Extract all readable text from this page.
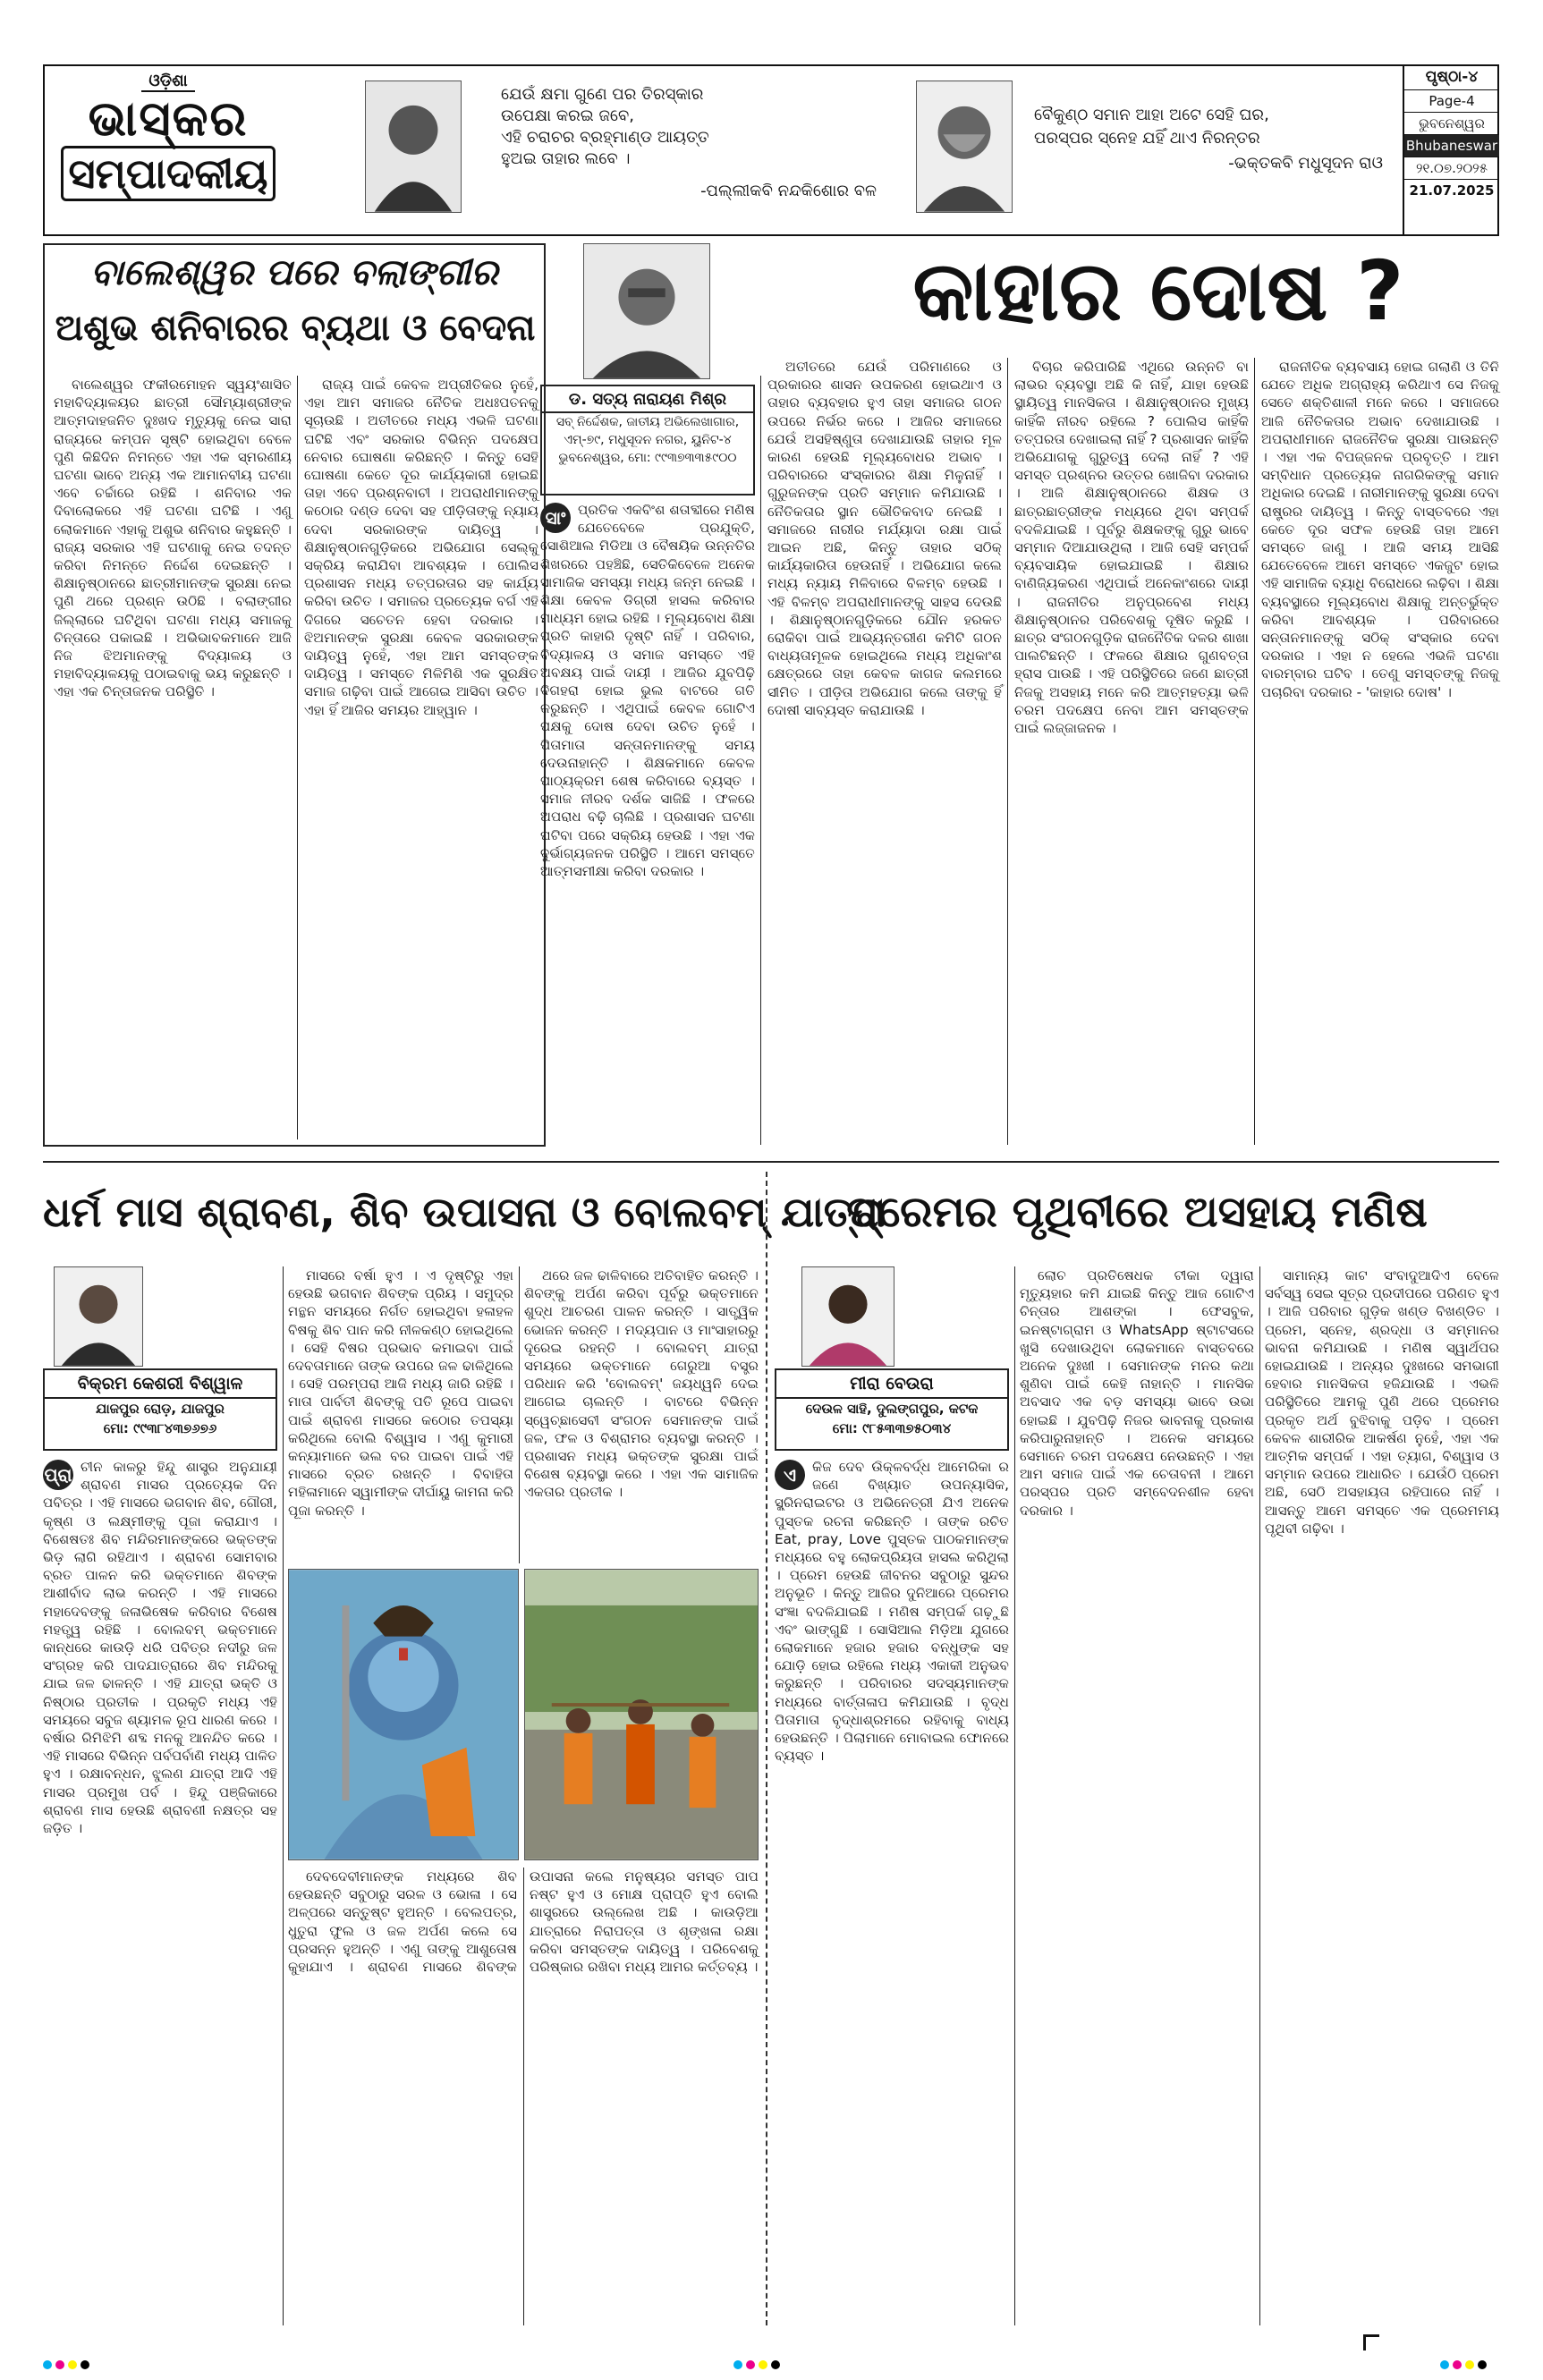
ଓଡ଼ିଶା
ଭାସ୍କର
ସମ୍ପାଦକୀୟ
ଯେଉଁ କ୍ଷମା ଗୁଣେ ପର ତିରସ୍କାର
ଉପେକ୍ଷା କରଇ ଜବେ,
ଏହି ଚରାଚର ବ୍ରହ୍ମାଣ୍ଡ ଆୟତ୍ତ
ହୁଅଇ ତାହାର ଲବେ ।
-ପଲ୍ଲୀକବି ନନ୍ଦକିଶୋର ବଳ
ବୈକୁଣ୍ଠ ସମାନ ଆହା ଅଟେ ସେହି ଘର,
ପରସ୍ପର ସ୍ନେହ ଯହିଁ ଥାଏ ନିରନ୍ତର
-ଭକ୍ତକବି ମଧୁସୂଦନ ରାଓ
ପୃଷ୍ଠା-୪
Page-4
ଭୁବନେଶ୍ୱର
Bhubaneswar
୨୧.୦୭.୨୦୨୫
21.07.2025
ବାଲେଶ୍ୱର ପରେ ବଲାଙ୍ଗୀର
ଅଶୁଭ ଶନିବାରର ବ୍ୟଥା ଓ ବେଦନା

ବାଲେଶ୍ୱର ଫକୀରମୋହନ ସ୍ୱୟଂଶାସିତ ମହାବିଦ୍ୟାଳୟର ଛାତ୍ରୀ ସୌମ୍ୟାଶ୍ରୀଙ୍କ ଆତ୍ମଦାହଜନିତ ଦୁଃଖଦ ମୃତ୍ୟୁକୁ ନେଇ ସାରା ରାଜ୍ୟରେ କମ୍ପନ ସୃଷ୍ଟି ହୋଇଥିବା ବେଳେ ପୁଣି କିଛିଦିନ ନିମନ୍ତେ ଏହା ଏକ ସ୍ମରଣୀୟ ଘଟଣା ଭାବେ ଅନ୍ୟ ଏକ ଆମାନବୀୟ ଘଟଣା ଏବେ ଚର୍ଚ୍ଚାରେ ରହିଛି । ଶନିବାର ଏକ ଦିବାଲୋକରେ ଏହି ଘଟଣା ଘଟିଛି । ଏଣୁ ଲୋକମାନେ ଏହାକୁ ଅଶୁଭ ଶନିବାର କହୁଛନ୍ତି । ରାଜ୍ୟ ସରକାର ଏହି ଘଟଣାକୁ ନେଇ ତଦନ୍ତ କରିବା ନିମନ୍ତେ ନିର୍ଦ୍ଦେଶ ଦେଇଛନ୍ତି । ଶିକ୍ଷାନୁଷ୍ଠାନରେ ଛାତ୍ରୀମାନଙ୍କ ସୁରକ୍ଷା ନେଇ ପୁଣି ଥରେ ପ୍ରଶ୍ନ ଉଠିଛି । ବଲାଙ୍ଗୀର ଜିଲ୍ଲାରେ ଘଟିଥିବା ଘଟଣା ମଧ୍ୟ ସମାଜକୁ ଚିନ୍ତାରେ ପକାଇଛି । ଅଭିଭାବକମାନେ ଆଜି ନିଜ ଝିଅମାନଙ୍କୁ ବିଦ୍ୟାଳୟ ଓ ମହାବିଦ୍ୟାଳୟକୁ ପଠାଇବାକୁ ଭୟ କରୁଛନ୍ତି । ଏହା ଏକ ଚିନ୍ତାଜନକ ପରିସ୍ଥିତି ।

ରାଜ୍ୟ ପାଇଁ କେବଳ ଅପ୍ରୀତିକର ନୁହେଁ, ଏହା ଆମ ସମାଜର ନୈତିକ ଅଧଃପତନକୁ ସୂଚାଉଛି । ଅତୀତରେ ମଧ୍ୟ ଏଭଳି ଘଟଣା ଘଟିଛି ଏବଂ ସରକାର ବିଭିନ୍ନ ପଦକ୍ଷେପ ନେବାର ଘୋଷଣା କରିଛନ୍ତି । କିନ୍ତୁ ସେହି ଘୋଷଣା କେତେ ଦୂର କାର୍ଯ୍ୟକାରୀ ହୋଇଛି ତାହା ଏବେ ପ୍ରଶ୍ନବାଚୀ । ଅପରାଧୀମାନଙ୍କୁ କଠୋର ଦଣ୍ଡ ଦେବା ସହ ପୀଡ଼ିତାଙ୍କୁ ନ୍ୟାୟ ଦେବା ସରକାରଙ୍କ ଦାୟିତ୍ୱ । ଶିକ୍ଷାନୁଷ୍ଠାନଗୁଡ଼ିକରେ ଅଭିଯୋଗ ସେଲ୍‌କୁ ସକ୍ରିୟ କରାଯିବା ଆବଶ୍ୟକ । ପୋଲିସ ପ୍ରଶାସନ ମଧ୍ୟ ତତ୍ପରତାର ସହ କାର୍ଯ୍ୟ କରିବା ଉଚିତ । ସମାଜର ପ୍ରତ୍ୟେକ ବର୍ଗ ଏହି ଦିଗରେ ସଚେତନ ହେବା ଦରକାର । ଝିଅମାନଙ୍କ ସୁରକ୍ଷା କେବଳ ସରକାରଙ୍କ ଦାୟିତ୍ୱ ନୁହେଁ, ଏହା ଆମ ସମସ୍ତଙ୍କ ଦାୟିତ୍ୱ । ସମସ୍ତେ ମିଳିମିଶି ଏକ ସୁରକ୍ଷିତ ସମାଜ ଗଢ଼ିବା ପାଇଁ ଆଗେଇ ଆସିବା ଉଚିତ । ଏହା ହିଁ ଆଜିର ସମୟର ଆହ୍ୱାନ ।

କାହାର ଦୋଷ ?
ଡ. ସତ୍ୟ ନାରାୟଣ ମିଶ୍ର
ସବ୍ ନିର୍ଦ୍ଦେଶକ, ଜାତୀୟ ଅଭିଲେଖାଗାର,
ଏମ୍-୭୯, ମଧୁସୂଦନ ନଗର, ୟୁନିଟ-୪
ଭୁବନେଶ୍ୱର, ମୋ: ୯୯୩୭୩୩୫୯୦୦
ସାଂ ପ୍ରତିକ ଏକବିଂଶ ଶତାବ୍ଦୀରେ ମଣିଷ ଯେତେବେଳେ ପ୍ରଯୁକ୍ତି, ସୋଶିଆଲ ମିଡିଆ ଓ ବୈଷୟିକ ଉନ୍ନତିର ଶିଖରରେ ପହଞ୍ଚିଛି, ସେତିକିବେଳେ ଅନେକ ସାମାଜିକ ସମସ୍ୟା ମଧ୍ୟ ଜନ୍ମ ନେଇଛି । ଶିକ୍ଷା କେବଳ ଡିଗ୍ରୀ ହାସଲ କରିବାର ମାଧ୍ୟମ ହୋଇ ରହିଛି । ମୂଲ୍ୟବୋଧ ଶିକ୍ଷା ପ୍ରତି କାହାରି ଦୃଷ୍ଟି ନାହିଁ । ପରିବାର, ବିଦ୍ୟାଳୟ ଓ ସମାଜ ସମସ୍ତେ ଏହି ଅବକ୍ଷୟ ପାଇଁ ଦାୟୀ । ଆଜିର ଯୁବପିଢ଼ି ଦିଗହରା ହୋଇ ଭୁଲ ବାଟରେ ଗତି କରୁଛନ୍ତି । ଏଥିପାଇଁ କେବଳ ଗୋଟିଏ ପକ୍ଷକୁ ଦୋଷ ଦେବା ଉଚିତ ନୁହେଁ । ପିତାମାତା ସନ୍ତାନମାନଙ୍କୁ ସମୟ ଦେଉନାହାନ୍ତି । ଶିକ୍ଷକମାନେ କେବଳ ପାଠ୍ୟକ୍ରମ ଶେଷ କରିବାରେ ବ୍ୟସ୍ତ । ସମାଜ ନୀରବ ଦର୍ଶକ ସାଜିଛି । ଫଳରେ ଅପରାଧ ବଢ଼ି ଚାଲିଛି । ପ୍ରଶାସନ ଘଟଣା ଘଟିବା ପରେ ସକ୍ରିୟ ହେଉଛି । ଏହା ଏକ ଦୁର୍ଭାଗ୍ୟଜନକ ପରିସ୍ଥିତି । ଆମେ ସମସ୍ତେ ଆତ୍ମସମୀକ୍ଷା କରିବା ଦରକାର ।

ଅତୀତରେ ଯେଉଁ ପରିମାଣରେ ଓ ପ୍ରକାରର ଶାସନ ଉପକରଣ ହୋଇଥାଏ ଓ ତାହାର ବ୍ୟବହାର ହୁଏ ତାହା ସମାଜର ଗଠନ ଉପରେ ନିର୍ଭର କରେ । ଆଜିର ସମାଜରେ ଯେଉଁ ଅସହିଷ୍ଣୁତା ଦେଖାଯାଉଛି ତାହାର ମୂଳ କାରଣ ହେଉଛି ମୂଲ୍ୟବୋଧର ଅଭାବ । ପରିବାରରେ ସଂସ୍କାରର ଶିକ୍ଷା ମିଳୁନାହିଁ । ଗୁରୁଜନଙ୍କ ପ୍ରତି ସମ୍ମାନ କମିଯାଉଛି । ନୈତିକତାର ସ୍ଥାନ ଭୌତିକବାଦ ନେଇଛି । ସମାଜରେ ନାରୀର ମର୍ଯ୍ୟାଦା ରକ୍ଷା ପାଇଁ ଆଇନ ଅଛି, କିନ୍ତୁ ତାହାର ସଠିକ୍ କାର୍ଯ୍ୟକାରିତା ହେଉନାହିଁ । ଅଭିଯୋଗ କଲେ ମଧ୍ୟ ନ୍ୟାୟ ମିଳିବାରେ ବିଳମ୍ବ ହେଉଛି । ଏହି ବିଳମ୍ବ ଅପରାଧୀମାନଙ୍କୁ ସାହସ ଦେଉଛି । ଶିକ୍ଷାନୁଷ୍ଠାନଗୁଡ଼ିକରେ ଯୌନ ହରକତ ରୋକିବା ପାଇଁ ଆଭ୍ୟନ୍ତରୀଣ କମିଟି ଗଠନ ବାଧ୍ୟତାମୂଳକ ହୋଇଥିଲେ ମଧ୍ୟ ଅଧିକାଂଶ କ୍ଷେତ୍ରରେ ତାହା କେବଳ କାଗଜ କଲମରେ ସୀମିତ । ପୀଡ଼ିତା ଅଭିଯୋଗ କଲେ ତାଙ୍କୁ ହିଁ ଦୋଷୀ ସାବ୍ୟସ୍ତ କରାଯାଉଛି ।

ବିଚାର କରିପାରିଛି ଏଥିରେ ଉନ୍ନତି ବା ଲାଭର ବ୍ୟବସ୍ଥା ଅଛି କି ନାହିଁ, ଯାହା ହେଉଛି ସ୍ଥାୟିତ୍ୱ ମାନସିକତା । ଶିକ୍ଷାନୁଷ୍ଠାନର ମୁଖ୍ୟ କାହିଁକି ନୀରବ ରହିଲେ ? ପୋଲିସ କାହିଁକି ତତ୍ପରତା ଦେଖାଇଲା ନାହିଁ ? ପ୍ରଶାସନ କାହିଁକି ଅଭିଯୋଗକୁ ଗୁରୁତ୍ୱ ଦେଲା ନାହିଁ ? ଏହି ସମସ୍ତ ପ୍ରଶ୍ନର ଉତ୍ତର ଖୋଜିବା ଦରକାର । ଆଜି ଶିକ୍ଷାନୁଷ୍ଠାନରେ ଶିକ୍ଷକ ଓ ଛାତ୍ରଛାତ୍ରୀଙ୍କ ମଧ୍ୟରେ ଥିବା ସମ୍ପର୍କ ବଦଳିଯାଇଛି । ପୂର୍ବରୁ ଶିକ୍ଷକଙ୍କୁ ଗୁରୁ ଭାବେ ସମ୍ମାନ ଦିଆଯାଉଥିଲା । ଆଜି ସେହି ସମ୍ପର୍କ ବ୍ୟବସାୟିକ ହୋଇଯାଇଛି । ଶିକ୍ଷାର ବାଣିଜ୍ୟିକରଣ ଏଥିପାଇଁ ଅନେକାଂଶରେ ଦାୟୀ । ରାଜନୀତିର ଅନୁପ୍ରବେଶ ମଧ୍ୟ ଶିକ୍ଷାନୁଷ୍ଠାନର ପରିବେଶକୁ ଦୂଷିତ କରୁଛି । ଛାତ୍ର ସଂଗଠନଗୁଡ଼ିକ ରାଜନୈତିକ ଦଳର ଶାଖା ପାଲଟିଛନ୍ତି । ଫଳରେ ଶିକ୍ଷାର ଗୁଣବତ୍ତା ହ୍ରାସ ପାଉଛି । ଏହି ପରିସ୍ଥିତିରେ ଜଣେ ଛାତ୍ରୀ ନିଜକୁ ଅସହାୟ ମନେ କରି ଆତ୍ମହତ୍ୟା ଭଳି ଚରମ ପଦକ୍ଷେପ ନେବା ଆମ ସମସ୍ତଙ୍କ ପାଇଁ ଲଜ୍ଜାଜନକ ।

ରାଜନୀତିକ ବ୍ୟବସାୟ ହୋଇ ଗଲାଣି ଓ ତିନି ଯେତେ ଅଧିକ ଅଗ୍ରାହ୍ୟ କରିଥାଏ ସେ ନିଜକୁ ସେତେ ଶକ୍ତିଶାଳୀ ମନେ କରେ । ସମାଜରେ ଆଜି ନୈତିକତାର ଅଭାବ ଦେଖାଯାଉଛି । ଅପରାଧୀମାନେ ରାଜନୈତିକ ସୁରକ୍ଷା ପାଉଛନ୍ତି । ଏହା ଏକ ବିପଜ୍ଜନକ ପ୍ରବୃତ୍ତି । ଆମ ସମ୍ବିଧାନ ପ୍ରତ୍ୟେକ ନାଗରିକଙ୍କୁ ସମାନ ଅଧିକାର ଦେଇଛି । ନାରୀମାନଙ୍କୁ ସୁରକ୍ଷା ଦେବା ରାଷ୍ଟ୍ରର ଦାୟିତ୍ୱ । କିନ୍ତୁ ବାସ୍ତବରେ ଏହା କେତେ ଦୂର ସଫଳ ହେଉଛି ତାହା ଆମେ ସମସ୍ତେ ଜାଣୁ । ଆଜି ସମୟ ଆସିଛି ଯେତେବେଳେ ଆମେ ସମସ୍ତେ ଏକଜୁଟ ହୋଇ ଏହି ସାମାଜିକ ବ୍ୟାଧି ବିରୋଧରେ ଲଢ଼ିବା । ଶିକ୍ଷା ବ୍ୟବସ୍ଥାରେ ମୂଲ୍ୟବୋଧ ଶିକ୍ଷାକୁ ଅନ୍ତର୍ଭୁକ୍ତ କରିବା ଆବଶ୍ୟକ । ପରିବାରରେ ସନ୍ତାନମାନଙ୍କୁ ସଠିକ୍ ସଂସ୍କାର ଦେବା ଦରକାର । ଏହା ନ ହେଲେ ଏଭଳି ଘଟଣା ବାରମ୍ବାର ଘଟିବ । ତେଣୁ ସମସ୍ତଙ୍କୁ ନିଜକୁ ପଚାରିବା ଦରକାର - 'କାହାର ଦୋଷ' ।

ଧର୍ମ ମାସ ଶ୍ରାବଣ, ଶିବ ଉପାସନା ଓ ବୋଲବମ୍ ଯାତ୍ରା
ବିକ୍ରମ କେଶରୀ ବିଶ୍ୱାଳ
ଯାଜପୁର ରୋଡ଼, ଯାଜପୁର
ମୋ: ୯୯୩୮୪୩୭୬୭୬
ପ୍ରା ଚୀନ କାଳରୁ ହିନ୍ଦୁ ଶାସ୍ତ୍ର ଅନୁଯାୟୀ ଶ୍ରାବଣ ମାସର ପ୍ରତ୍ୟେକ ଦିନ ପବିତ୍ର । ଏହି ମାସରେ ଭଗବାନ ଶିବ, ଗୌରୀ, କୃଷ୍ଣ ଓ ଲକ୍ଷ୍ମୀଙ୍କୁ ପୂଜା କରାଯାଏ । ବିଶେଷତଃ ଶିବ ମନ୍ଦିରମାନଙ୍କରେ ଭକ୍ତଙ୍କ ଭିଡ଼ ଲାଗି ରହିଥାଏ । ଶ୍ରାବଣ ସୋମବାର ବ୍ରତ ପାଳନ କରି ଭକ୍ତମାନେ ଶିବଙ୍କ ଆଶୀର୍ବାଦ ଲାଭ କରନ୍ତି । ଏହି ମାସରେ ମହାଦେବଙ୍କୁ ଜଳାଭିଷେକ କରିବାର ବିଶେଷ ମହତ୍ତ୍ୱ ରହିଛି । ବୋଲବମ୍ ଭକ୍ତମାନେ କାନ୍ଧରେ କାଉଡ଼ି ଧରି ପବିତ୍ର ନଦୀରୁ ଜଳ ସଂଗ୍ରହ କରି ପାଦଯାତ୍ରାରେ ଶିବ ମନ୍ଦିରକୁ ଯାଇ ଜଳ ଢାଳନ୍ତି । ଏହି ଯାତ୍ରା ଭକ୍ତି ଓ ନିଷ୍ଠାର ପ୍ରତୀକ । ପ୍ରକୃତି ମଧ୍ୟ ଏହି ସମୟରେ ସବୁଜ ଶ୍ୟାମଳ ରୂପ ଧାରଣ କରେ । ବର୍ଷାର ରିମିଝିମି ଶବ୍ଦ ମନକୁ ଆନନ୍ଦିତ କରେ । ଏହି ମାସରେ ବିଭିନ୍ନ ପର୍ବପର୍ବାଣି ମଧ୍ୟ ପାଳିତ ହୁଏ । ରକ୍ଷାବନ୍ଧନ, ଝୁଲଣ ଯାତ୍ରା ଆଦି ଏହି ମାସର ପ୍ରମୁଖ ପର୍ବ । ହିନ୍ଦୁ ପଞ୍ଜିକାରେ ଶ୍ରାବଣ ମାସ ହେଉଛି ଶ୍ରାବଣୀ ନକ୍ଷତ୍ର ସହ ଜଡ଼ିତ ।

ମାସରେ ବର୍ଷା ହୁଏ । ଏ ଦୃଷ୍ଟିରୁ ଏହା ହେଉଛି ଭଗବାନ ଶିବଙ୍କ ପ୍ରିୟ । ସମୁଦ୍ର ମନ୍ଥନ ସମୟରେ ନିର୍ଗତ ହୋଇଥିବା ହଳାହଳ ବିଷକୁ ଶିବ ପାନ କରି ନୀଳକଣ୍ଠ ହୋଇଥିଲେ । ସେହି ବିଷର ପ୍ରଭାବ କମାଇବା ପାଇଁ ଦେବତାମାନେ ତାଙ୍କ ଉପରେ ଜଳ ଢାଳିଥିଲେ । ସେହି ପରମ୍ପରା ଆଜି ମଧ୍ୟ ଜାରି ରହିଛି । ମାତା ପାର୍ବତୀ ଶିବଙ୍କୁ ପତି ରୂପେ ପାଇବା ପାଇଁ ଶ୍ରାବଣ ମାସରେ କଠୋର ତପସ୍ୟା କରିଥିଲେ ବୋଲି ବିଶ୍ୱାସ । ଏଣୁ କୁମାରୀ କନ୍ୟାମାନେ ଭଲ ବର ପାଇବା ପାଇଁ ଏହି ମାସରେ ବ୍ରତ ରଖନ୍ତି । ବିବାହିତା ମହିଳାମାନେ ସ୍ୱାମୀଙ୍କ ଦୀର୍ଘାୟୁ କାମନା କରି ପୂଜା କରନ୍ତି ।

ଥରେ ଜଳ ଢାଳିବାରେ ଅତିବାହିତ କରନ୍ତି । ଶିବଙ୍କୁ ଅର୍ପଣ କରିବା ପୂର୍ବରୁ ଭକ୍ତମାନେ ଶୁଦ୍ଧ ଆଚରଣ ପାଳନ କରନ୍ତି । ସାତ୍ତ୍ୱିକ ଭୋଜନ କରନ୍ତି । ମଦ୍ୟପାନ ଓ ମାଂସାହାରରୁ ଦୂରେଇ ରହନ୍ତି । ବୋଲବମ୍ ଯାତ୍ରା ସମୟରେ ଭକ୍ତମାନେ ଗେରୁଆ ବସ୍ତ୍ର ପରିଧାନ କରି 'ବୋଲବମ୍' ଜୟଧ୍ୱନି ଦେଇ ଆଗେଇ ଚାଲନ୍ତି । ବାଟରେ ବିଭିନ୍ନ ସ୍ୱେଚ୍ଛାସେବୀ ସଂଗଠନ ସେମାନଙ୍କ ପାଇଁ ଜଳ, ଫଳ ଓ ବିଶ୍ରାମର ବ୍ୟବସ୍ଥା କରନ୍ତି । ପ୍ରଶାସନ ମଧ୍ୟ ଭକ୍ତଙ୍କ ସୁରକ୍ଷା ପାଇଁ ବିଶେଷ ବ୍ୟବସ୍ଥା କରେ । ଏହା ଏକ ସାମାଜିକ ଏକତାର ପ୍ରତୀକ ।

ଦେବଦେବୀମାନଙ୍କ ମଧ୍ୟରେ ଶିବ ହେଉଛନ୍ତି ସବୁଠାରୁ ସରଳ ଓ ଭୋଳା । ସେ ଅଳ୍ପରେ ସନ୍ତୁଷ୍ଟ ହୁଅନ୍ତି । ବେଲପତ୍ର, ଧୁତୁରା ଫୁଲ ଓ ଜଳ ଅର୍ପଣ କଲେ ସେ ପ୍ରସନ୍ନ ହୁଅନ୍ତି । ଏଣୁ ତାଙ୍କୁ ଆଶୁତୋଷ କୁହାଯାଏ । ଶ୍ରାବଣ ମାସରେ ଶିବଙ୍କ ଉପାସନା କଲେ ମନୁଷ୍ୟର ସମସ୍ତ ପାପ ନଷ୍ଟ ହୁଏ ଓ ମୋକ୍ଷ ପ୍ରାପ୍ତି ହୁଏ ବୋଲି ଶାସ୍ତ୍ରରେ ଉଲ୍ଲେଖ ଅଛି । କାଉଡ଼ିଆ ଯାତ୍ରାରେ ନିରାପତ୍ତା ଓ ଶୃଙ୍ଖଳା ରକ୍ଷା କରିବା ସମସ୍ତଙ୍କ ଦାୟିତ୍ୱ । ପରିବେଶକୁ ପରିଷ୍କାର ରଖିବା ମଧ୍ୟ ଆମର କର୍ତ୍ତବ୍ୟ ।

ପ୍ରେମର ପୃଥିବୀରେ ଅସହାୟ ମଣିଷ
ମୀରା ବେଉରା
ଦେଉଳ ସାହି, ଦୁଲଙ୍ଗପୁର, କଟକ
ମୋ: ୯୮୫୩୩୭୫୦୩୪
ଏ	କିଜ ଦେବ ଉିକ୍ଳବର୍ଦ୍ଧ ଆମେରିକା ର ଜଣେ ବିଖ୍ୟାତ ଉପନ୍ୟାସିକ, ସ୍କ୍ରିନରାଇଟର ଓ ଅଭିନେତ୍ରୀ ଯିଏ ଅନେକ ପୁସ୍ତକ ରଚନା କରିଛନ୍ତି । ତାଙ୍କ ରଚିତ Eat, pray, Love ପୁସ୍ତକ ପାଠକମାନଙ୍କ ମଧ୍ୟରେ ବହୁ ଲୋକପ୍ରିୟତା ହାସଲ କରିଥିଲା । ପ୍ରେମ ହେଉଛି ଜୀବନର ସବୁଠାରୁ ସୁନ୍ଦର ଅନୁଭୂତି । କିନ୍ତୁ ଆଜିର ଦୁନିଆରେ ପ୍ରେମର ସଂଜ୍ଞା ବଦଳିଯାଇଛି । ମଣିଷ ସମ୍ପର୍କ ଗଢ଼ୁଛି ଏବଂ ଭାଙ୍ଗୁଛି । ସୋସିଆଲ ମିଡ଼ିଆ ଯୁଗରେ ଲୋକମାନେ ହଜାର ହଜାର ବନ୍ଧୁଙ୍କ ସହ ଯୋଡ଼ି ହୋଇ ରହିଲେ ମଧ୍ୟ ଏକାକୀ ଅନୁଭବ କରୁଛନ୍ତି । ପରିବାରର ସଦସ୍ୟମାନଙ୍କ ମଧ୍ୟରେ ବାର୍ତ୍ତାଳାପ କମିଯାଉଛି । ବୃଦ୍ଧ ପିତାମାତା ବୃଦ୍ଧାଶ୍ରମରେ ରହିବାକୁ ବାଧ୍ୟ ହେଉଛନ୍ତି । ପିଲାମାନେ ମୋବାଇଲ ଫୋନରେ ବ୍ୟସ୍ତ ।

ଲୋଚ ପ୍ରତିଷେଧକ ଟୀକା ଦ୍ୱାରା ମୃତ୍ୟୁହାର କମି ଯାଇଛି କିନ୍ତୁ ଆଜ ଗୋଟିଏ ଚିନ୍ତାର ଆଶଙ୍କା । ଫେସବୁକ, ଇନଷ୍ଟାଗ୍ରାମ ଓ WhatsApp ଷ୍ଟାଟସରେ ଖୁସି ଦେଖାଉଥିବା ଲୋକମାନେ ବାସ୍ତବରେ ଅନେକ ଦୁଃଖୀ । ସେମାନଙ୍କ ମନର କଥା ଶୁଣିବା ପାଇଁ କେହି ନାହାନ୍ତି । ମାନସିକ ଅବସାଦ ଏକ ବଡ଼ ସମସ୍ୟା ଭାବେ ଉଭା ହୋଇଛି । ଯୁବପିଢ଼ି ନିଜର ଭାବନାକୁ ପ୍ରକାଶ କରିପାରୁନାହାନ୍ତି । ଅନେକ ସମୟରେ ସେମାନେ ଚରମ ପଦକ୍ଷେପ ନେଉଛନ୍ତି । ଏହା ଆମ ସମାଜ ପାଇଁ ଏକ ଚେତାବନୀ । ଆମେ ପରସ୍ପର ପ୍ରତି ସମ୍ବେଦନଶୀଳ ହେବା ଦରକାର ।

ସାମାନ୍ୟ କାଟ ସଂବାଦୁଆଦିଏ ବେଳେ ସର୍ବସ୍ୱ ସେଇ ସୂତ୍ର ପ୍ରଦୀପରେ ପରିଣତ ହୁଏ । ଆଜି ପରିବାର ଗୁଡ଼ିକ ଖଣ୍ଡ ବିଖଣ୍ଡିତ । ପ୍ରେମ, ସ୍ନେହ, ଶ୍ରଦ୍ଧା ଓ ସମ୍ମାନର ଭାବନା କମିଯାଉଛି । ମଣିଷ ସ୍ୱାର୍ଥପର ହୋଇଯାଉଛି । ଅନ୍ୟର ଦୁଃଖରେ ସମଭାଗୀ ହେବାର ମାନସିକତା ହଜିଯାଉଛି । ଏଭଳି ପରିସ୍ଥିତିରେ ଆମକୁ ପୁଣି ଥରେ ପ୍ରେମର ପ୍ରକୃତ ଅର୍ଥ ବୁଝିବାକୁ ପଡ଼ିବ । ପ୍ରେମ କେବଳ ଶାରୀରିକ ଆକର୍ଷଣ ନୁହେଁ, ଏହା ଏକ ଆତ୍ମିକ ସମ୍ପର୍କ । ଏହା ତ୍ୟାଗ, ବିଶ୍ୱାସ ଓ ସମ୍ମାନ ଉପରେ ଆଧାରିତ । ଯେଉଁଠି ପ୍ରେମ ଅଛି, ସେଠି ଅସହାୟତା ରହିପାରେ ନାହିଁ । ଆସନ୍ତୁ ଆମେ ସମସ୍ତେ ଏକ ପ୍ରେମମୟ ପୃଥିବୀ ଗଢ଼ିବା ।
